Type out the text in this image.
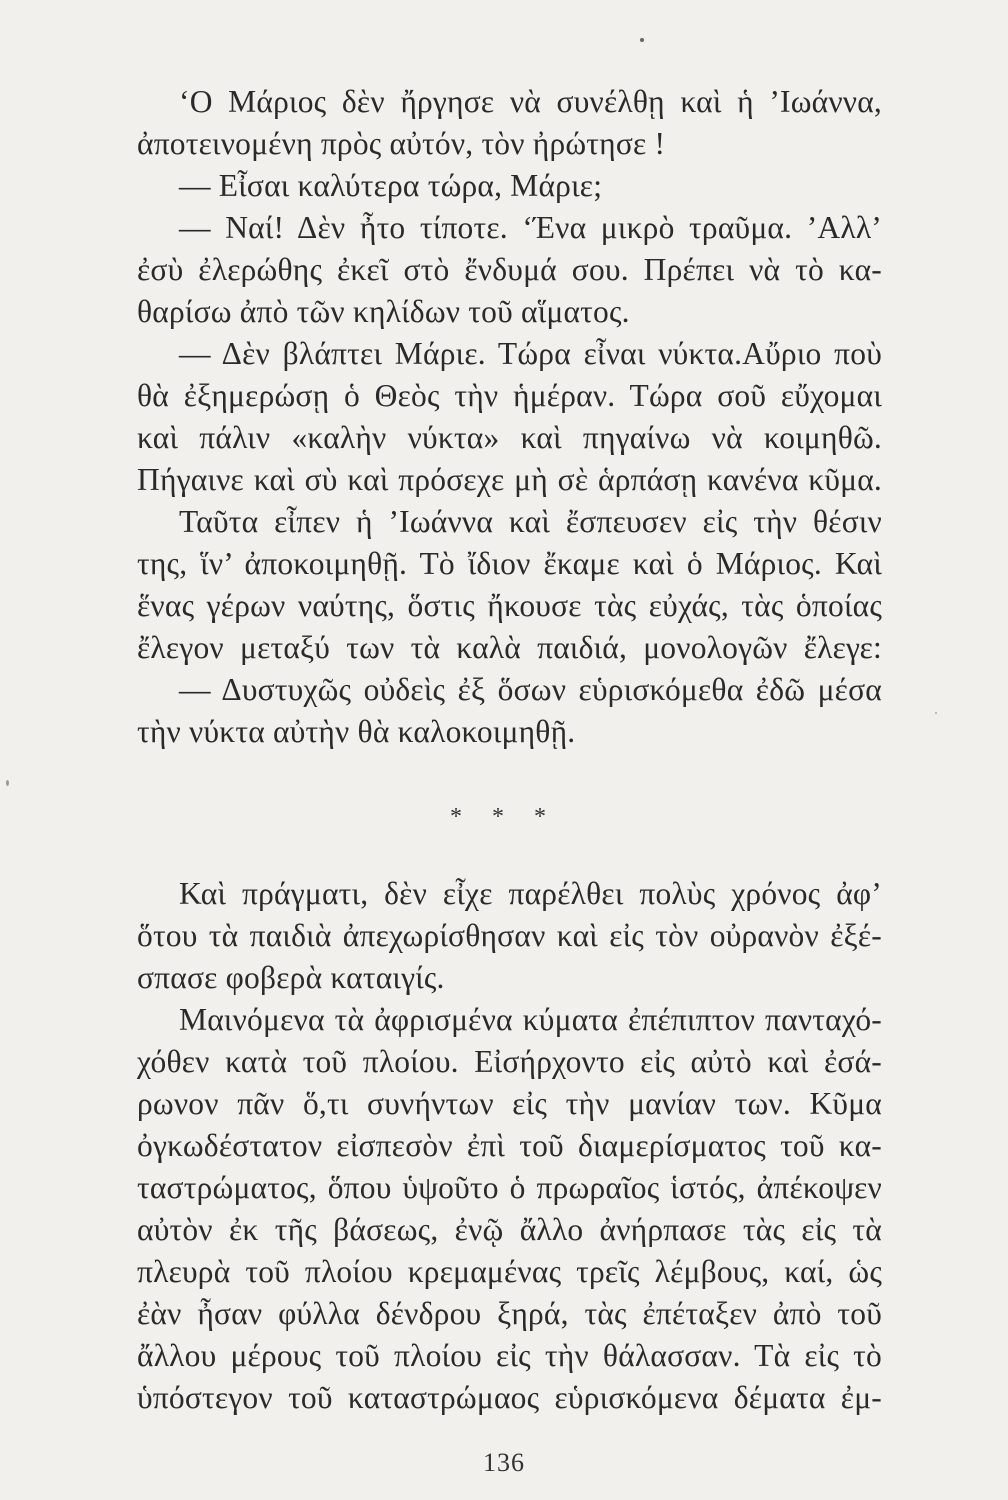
‘Ο Μάριος δὲν ἤργησε νὰ συνέλθῃ καὶ ἡ ’Ιωάννα,
ἀποτεινομένη πρὸς αὐτόν, τὸν ἠρώτησε !
— Εἶσαι καλύτερα τώρα, Μάριε;
— Ναί! Δὲν ἦτο τίποτε. ‘Ένα μικρὸ τραῦμα. ’Αλλ’
ἐσὺ ἐλερώθης ἐκεῖ στὸ ἔνδυμά σου. Πρέπει νὰ τὸ κα-
θαρίσω ἀπὸ τῶν κηλίδων τοῦ αἵματος.
— Δὲν βλάπτει Μάριε. Τώρα εἶναι νύκτα.Αὔριο ποὺ
θὰ ἐξημερώσῃ ὁ Θεὸς τὴν ἡμέραν. Τώρα σοῦ εὔχομαι
καὶ πάλιν «καλὴν νύκτα» καὶ πηγαίνω νὰ κοιμηθῶ.
Πήγαινε καὶ σὺ καὶ πρόσεχε μὴ σὲ ἁρπάσῃ κανένα κῦμα.
Ταῦτα εἶπεν ἡ ’Ιωάννα καὶ ἔσπευσεν εἰς τὴν θέσιν
της, ἵν’ ἀποκοιμηθῇ. Τὸ ἴδιον ἔκαμε καὶ ὁ Μάριος. Καὶ
ἕνας γέρων ναύτης, ὅστις ἤκουσε τὰς εὐχάς, τὰς ὁποίας
ἔλεγον μεταξύ των τὰ καλὰ παιδιά, μονολογῶν ἔλεγε:
— Δυστυχῶς οὐδεὶς ἐξ ὅσων εὑρισκόμεθα ἐδῶ μέσα
τὴν νύκτα αὐτὴν θὰ καλοκοιμηθῇ.
* * *
Καὶ πράγματι, δὲν εἶχε παρέλθει πολὺς χρόνος ἀφ’
ὅτου τὰ παιδιὰ ἀπεχωρίσθησαν καὶ εἰς τὸν οὐρανὸν ἐξέ-
σπασε φοβερὰ καταιγίς.
Μαινόμενα τὰ ἀφρισμένα κύματα ἐπέπιπτον πανταχό-
χόθεν κατὰ τοῦ πλοίου. Εἰσήρχοντο εἰς αὐτὸ καὶ ἐσά-
ρωνον πᾶν ὅ,τι συνήντων εἰς τὴν μανίαν των. Κῦμα
ὀγκωδέστατον εἰσπεσὸν ἐπὶ τοῦ διαμερίσματος τοῦ κα-
ταστρώματος, ὅπου ὑψοῦτο ὁ πρωραῖος ἱστός, ἀπέκοψεν
αὐτὸν ἐκ τῆς βάσεως, ἐνῷ ἄλλο ἀνήρπασε τὰς εἰς τὰ
πλευρὰ τοῦ πλοίου κρεμαμένας τρεῖς λέμβους, καί, ὡς
ἐὰν ἦσαν φύλλα δένδρου ξηρά, τὰς ἐπέταξεν ἀπὸ τοῦ
ἄλλου μέρους τοῦ πλοίου εἰς τὴν θάλασσαν. Τὰ εἰς τὸ
ὑπόστεγον τοῦ καταστρώμαος εὑρισκόμενα δέματα ἐμ-
136
